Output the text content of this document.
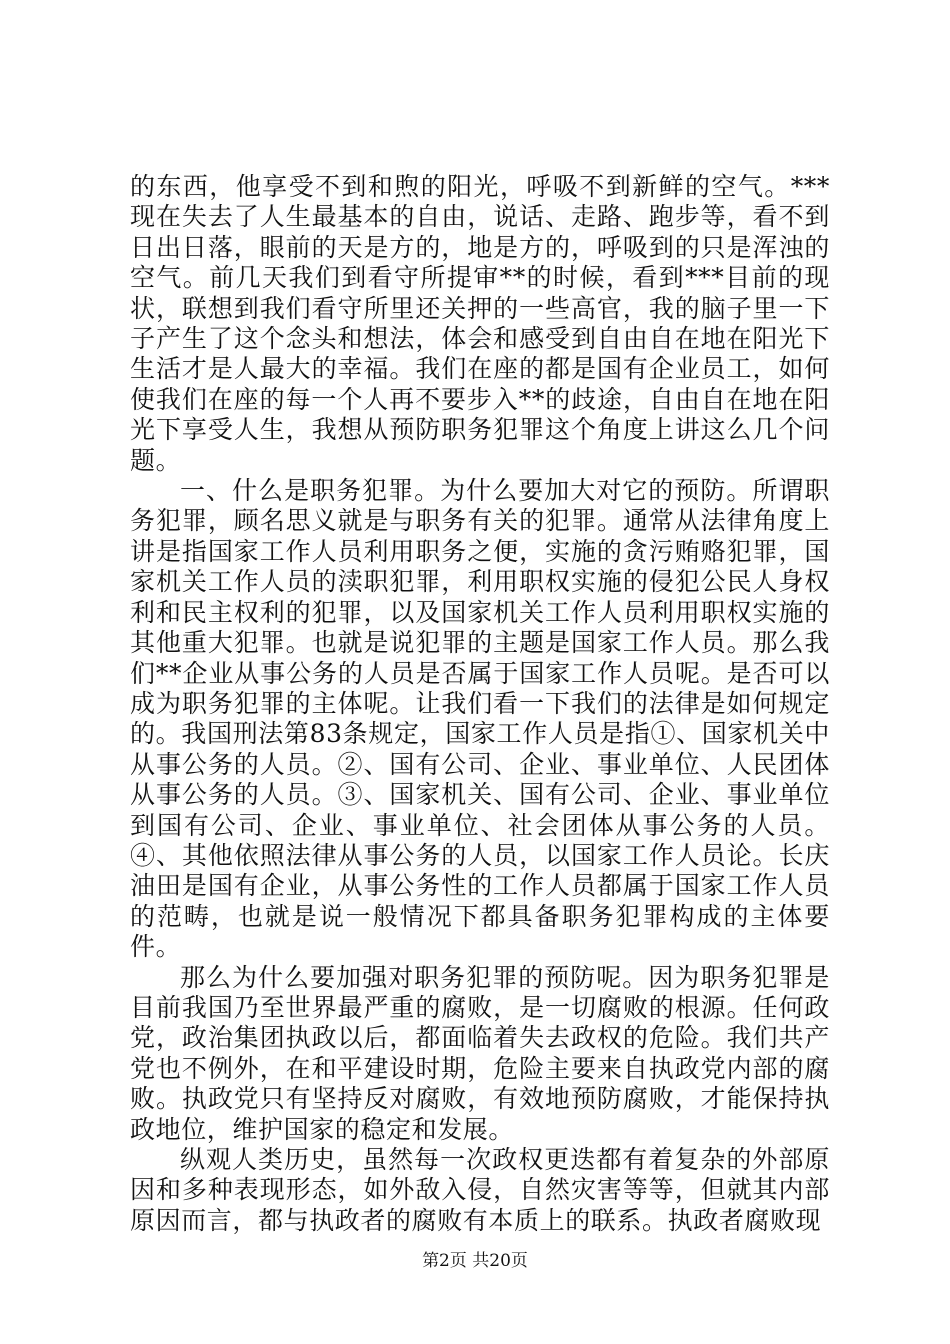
的东西，他享受不到和煦的阳光，呼吸不到新鲜的空气。***现在失去了人生最基本的自由，说话、走路、跑步等，看不到日出日落，眼前的天是方的，地是方的，呼吸到的只是浑浊的空气。前几天我们到看守所提审**的时候，看到***目前的现状，联想到我们看守所里还关押的一些高官，我的脑子里一下子产生了这个念头和想法，体会和感受到自由自在地在阳光下生活才是人最大的幸福。我们在座的都是国有企业员工，如何使我们在座的每一个人再不要步入**的歧途，自由自在地在阳光下享受人生，我想从预防职务犯罪这个角度上讲这么几个问题。

一、什么是职务犯罪。为什么要加大对它的预防。所谓职务犯罪，顾名思义就是与职务有关的犯罪。通常从法律角度上讲是指国家工作人员利用职务之便，实施的贪污贿赂犯罪，国家机关工作人员的渎职犯罪，利用职权实施的侵犯公民人身权利和民主权利的犯罪，以及国家机关工作人员利用职权实施的其他重大犯罪。也就是说犯罪的主题是国家工作人员。那么我们**企业从事公务的人员是否属于国家工作人员呢。是否可以成为职务犯罪的主体呢。让我们看一下我们的法律是如何规定的。我国刑法第83条规定，国家工作人员是指①、国家机关中从事公务的人员。②、国有公司、企业、事业单位、人民团体从事公务的人员。③、国家机关、国有公司、企业、事业单位到国有公司、企业、事业单位、社会团体从事公务的人员。④、其他依照法律从事公务的人员，以国家工作人员论。长庆油田是国有企业，从事公务性的工作人员都属于国家工作人员的范畴，也就是说一般情况下都具备职务犯罪构成的主体要件。

那么为什么要加强对职务犯罪的预防呢。因为职务犯罪是目前我国乃至世界最严重的腐败，是一切腐败的根源。任何政党，政治集团执政以后，都面临着失去政权的危险。我们共产党也不例外，在和平建设时期，危险主要来自执政党内部的腐败。执政党只有坚持反对腐败，有效地预防腐败，才能保持执政地位，维护国家的稳定和发展。

纵观人类历史，虽然每一次政权更迭都有着复杂的外部原因和多种表现形态，如外敌入侵，自然灾害等等，但就其内部原因而言，都与执政者的腐败有本质上的联系。执政者腐败现

第2页 共20页
